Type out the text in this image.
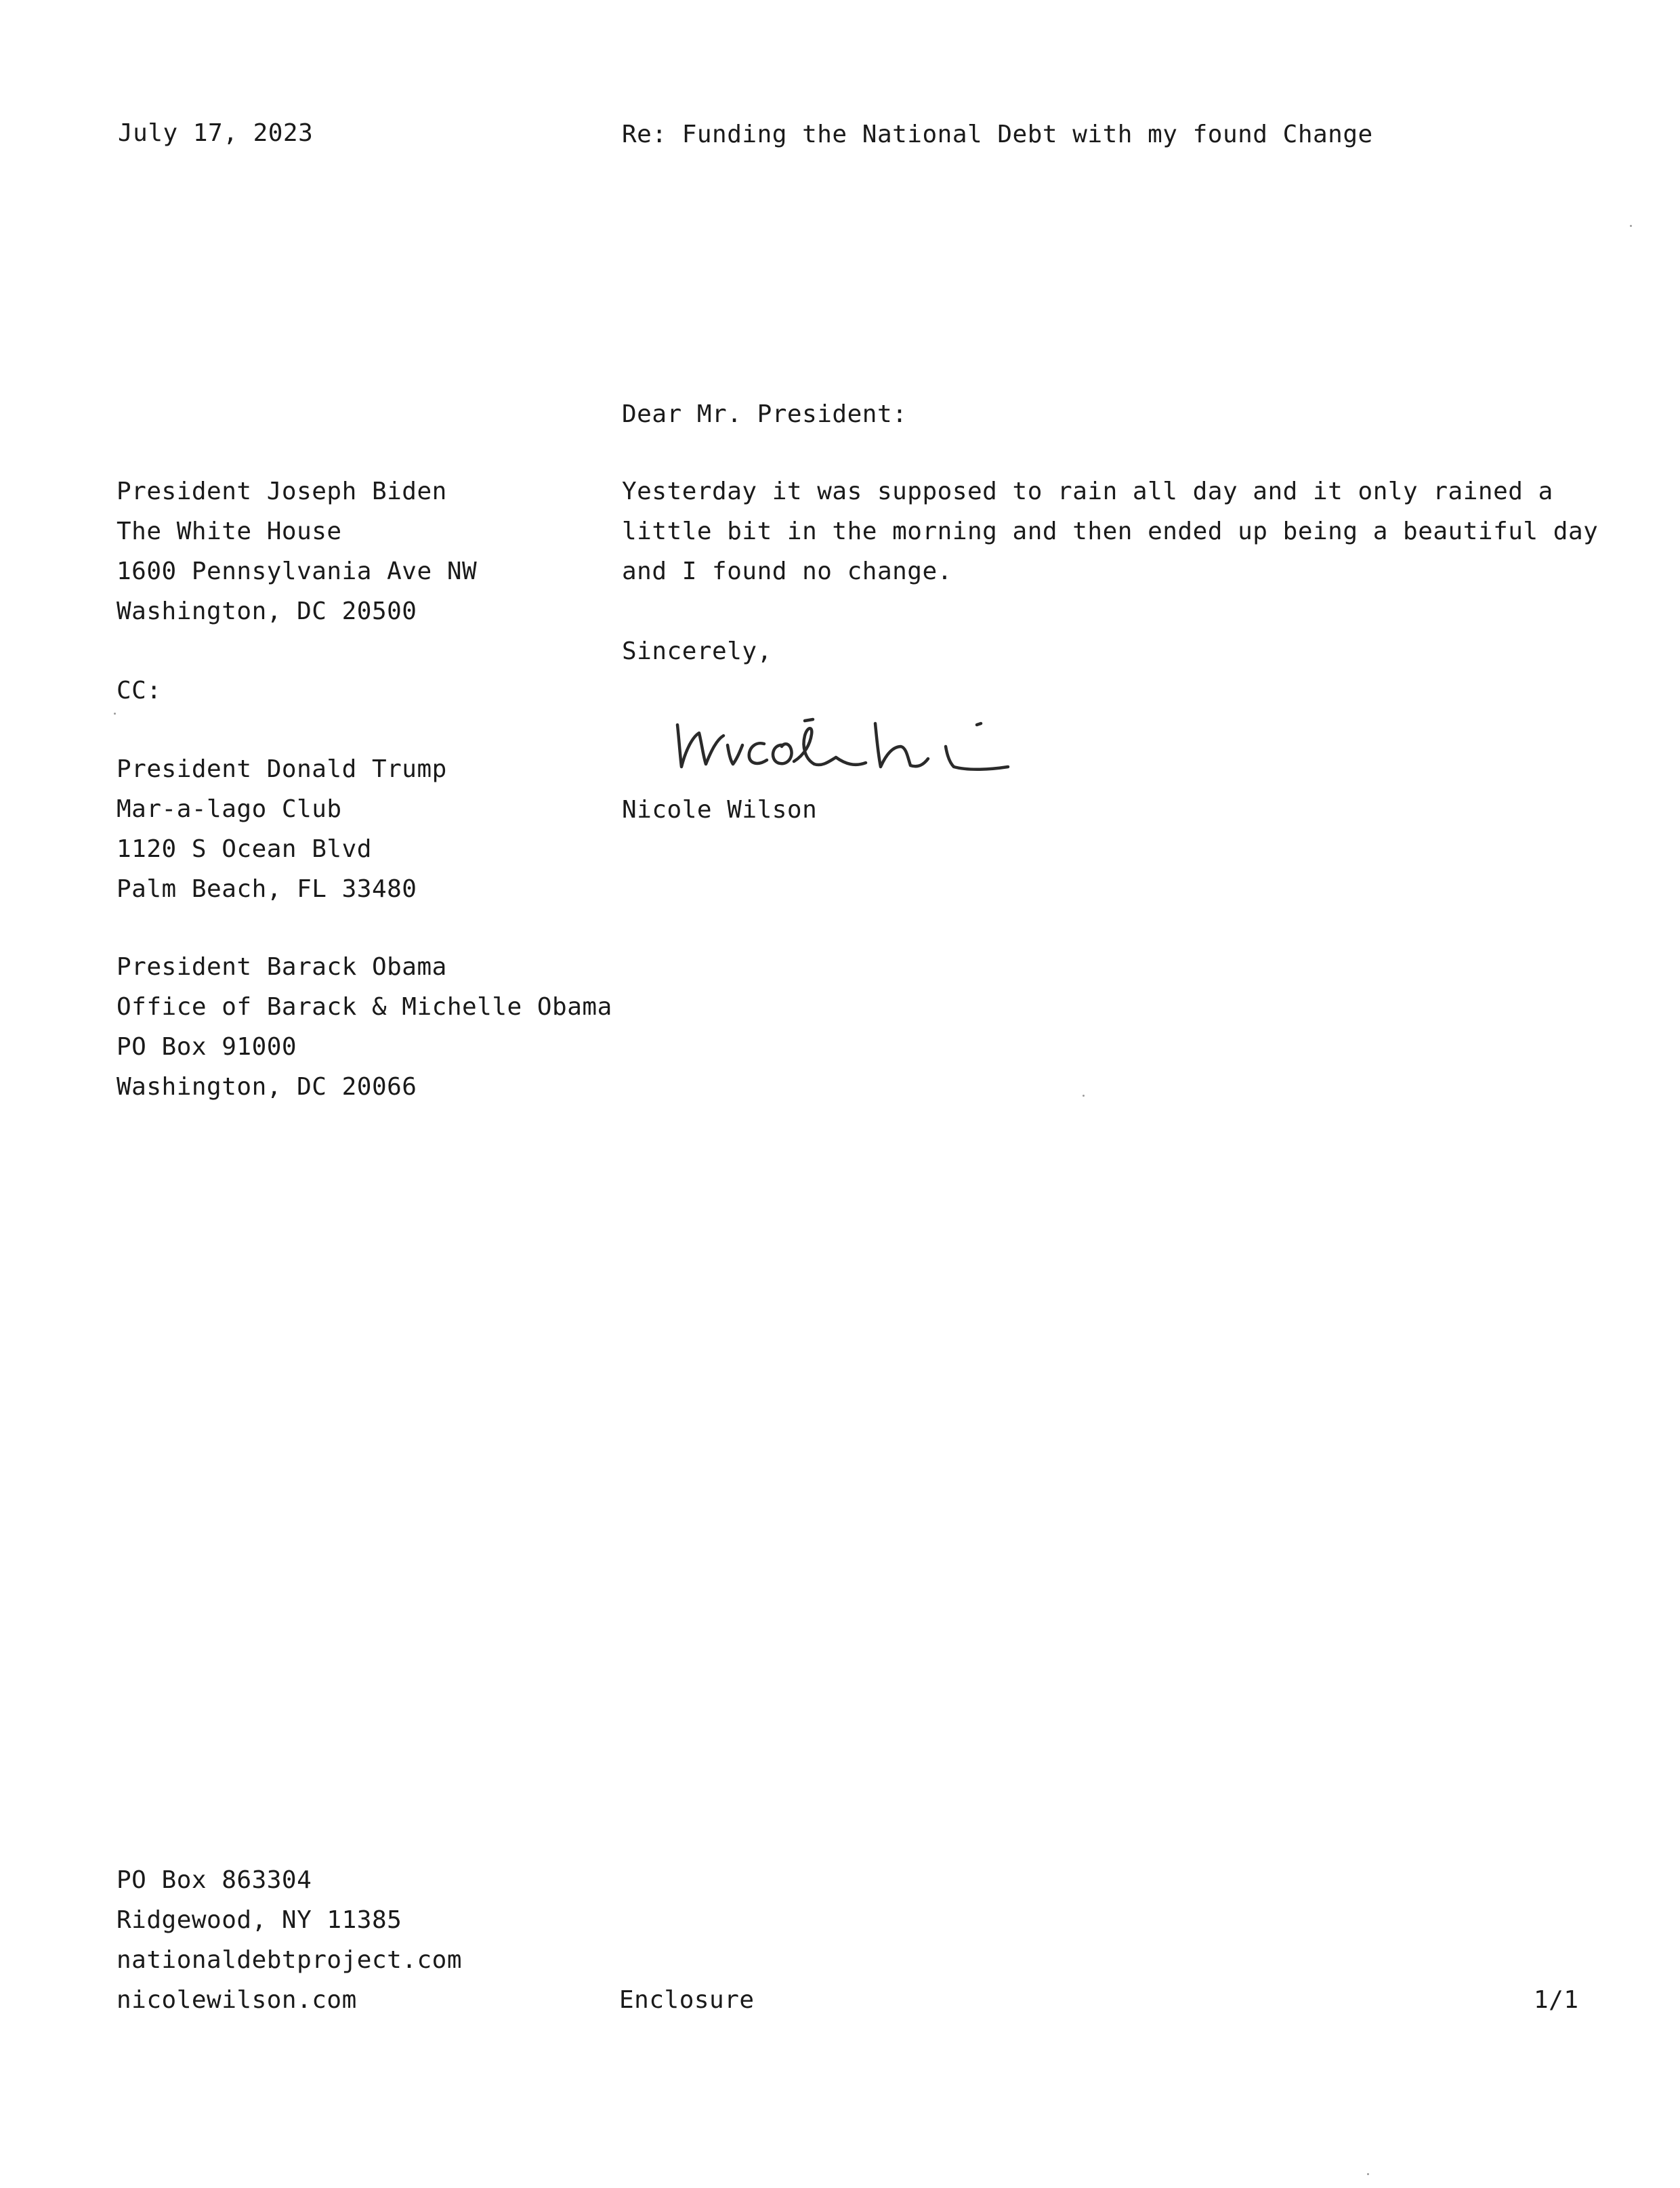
July 17, 2023	Re: Funding the National Debt with my found Change
Dear Mr. President:
President Joseph Biden
The White House
1600 Pennsylvania Ave NW
Washington, DC 20500
Yesterday it was supposed to rain all day and it only rained a
little bit in the morning and then ended up being a beautiful day
and I found no change.
Sincerely,
CC:
Nicole Wilson
President Donald Trump
Mar-a-lago Club
1120 S Ocean Blvd
Palm Beach, FL 33480
President Barack Obama
Office of Barack & Michelle Obama
PO Box 91000
Washington, DC 20066
PO Box 863304
Ridgewood, NY 11385
nationaldebtproject.com
nicolewilson.com	Enclosure	1/1
